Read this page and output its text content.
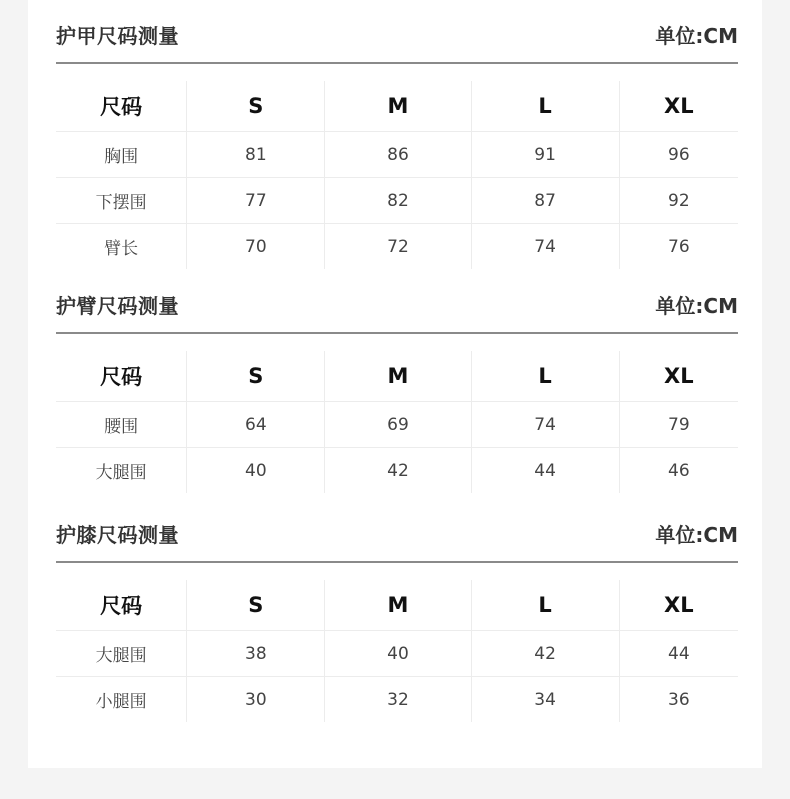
护甲尺码测量	单位:CM
尺码	S	M	L	XL
胸围	81	86	91	96
下摆围	77	82	87	92
臂长	70	72	74	76
护臂尺码测量	单位:CM
尺码	S	M	L	XL
腰围	64	69	74	79
大腿围	40	42	44	46
护膝尺码测量	单位:CM
尺码	S	M	L	XL
大腿围	38	40	42	44
小腿围	30	32	34	36
